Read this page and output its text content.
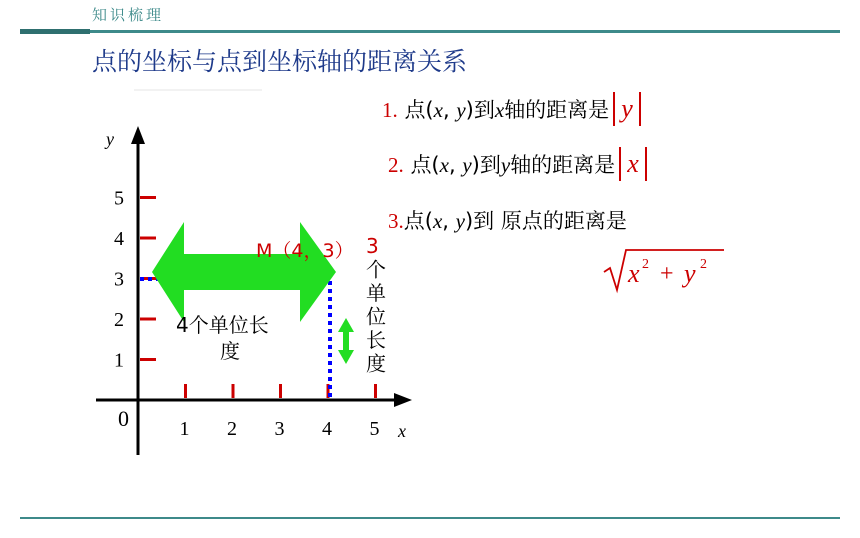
知识梳理
点的坐标与点到坐标轴的距离关系
1. 点(x, y)到x轴的距离是 y
2. 点(x, y)到y轴的距离是 x
3.点(x, y)到 原点的距离是
x 2 + y 2
y
x
0	1 2 3 4 5
1
2
3
4
5
M（4，3）
4个单位长
度
3
个
单
位
长
度
